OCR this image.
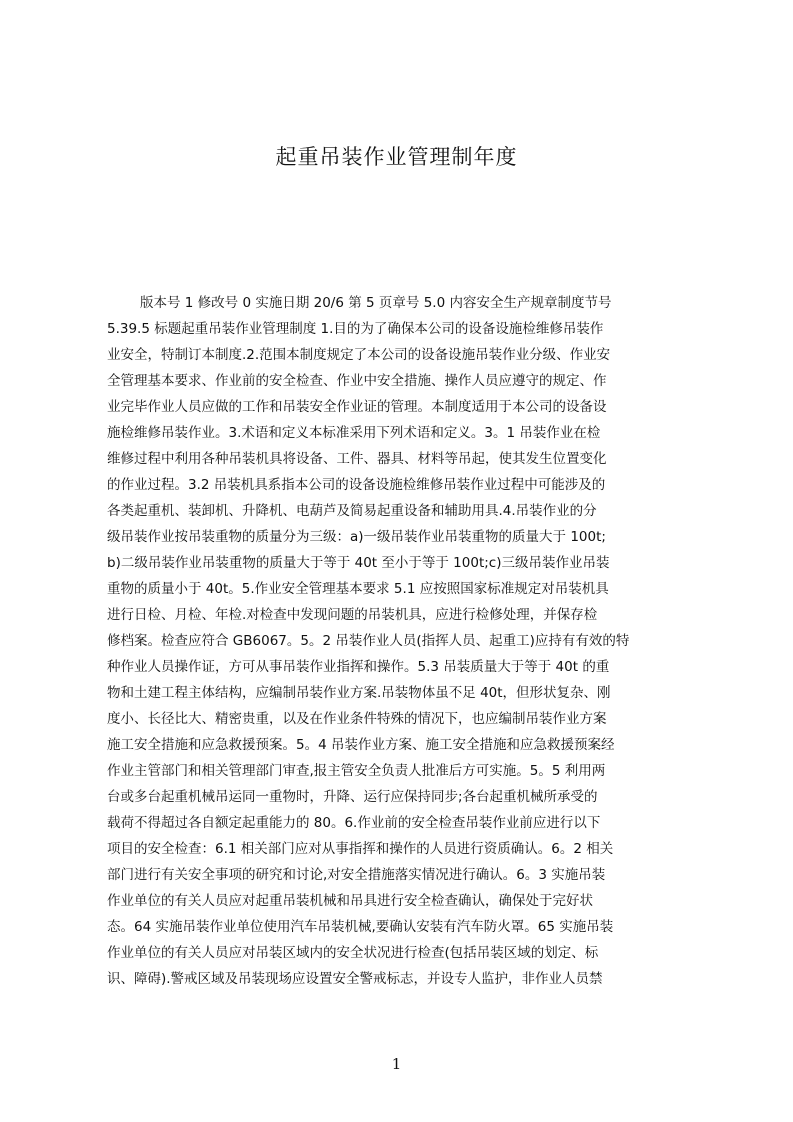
起重吊装作业管理制年度
版本号 1 修改号 0 实施日期 20/6 第 5 页章号 5.0 内容安全生产规章制度节号
5.39.5 标题起重吊装作业管理制度 1.目的为了确保本公司的设备设施检维修吊装作
业安全，特制订本制度.2.范围本制度规定了本公司的设备设施吊装作业分级、作业安
全管理基本要求、作业前的安全检查、作业中安全措施、操作人员应遵守的规定、作
业完毕作业人员应做的工作和吊装安全作业证的管理。本制度适用于本公司的设备设
施检维修吊装作业。3.术语和定义本标准采用下列术语和定义。3。1 吊装作业在检
维修过程中利用各种吊装机具将设备、工件、器具、材料等吊起，使其发生位置变化
的作业过程。3.2 吊装机具系指本公司的设备设施检维修吊装作业过程中可能涉及的
各类起重机、装卸机、升降机、电葫芦及简易起重设备和辅助用具.4.吊装作业的分
级吊装作业按吊装重物的质量分为三级：a)一级吊装作业吊装重物的质量大于 100t;
b)二级吊装作业吊装重物的质量大于等于 40t 至小于等于 100t;c)三级吊装作业吊装
重物的质量小于 40t。5.作业安全管理基本要求 5.1 应按照国家标准规定对吊装机具
进行日检、月检、年检.对检查中发现问题的吊装机具，应进行检修处理，并保存检
修档案。检查应符合 GB6067。5。2 吊装作业人员(指挥人员、起重工)应持有有效的特
种作业人员操作证，方可从事吊装作业指挥和操作。5.3 吊装质量大于等于 40t 的重
物和土建工程主体结构，应编制吊装作业方案.吊装物体虽不足 40t，但形状复杂、刚
度小、长径比大、精密贵重，以及在作业条件特殊的情况下，也应编制吊装作业方案
施工安全措施和应急救援预案。5。4 吊装作业方案、施工安全措施和应急救援预案经
作业主管部门和相关管理部门审查,报主管安全负责人批准后方可实施。5。5 利用两
台或多台起重机械吊运同一重物时，升降、运行应保持同步;各台起重机械所承受的
载荷不得超过各自额定起重能力的 80。6.作业前的安全检查吊装作业前应进行以下
项目的安全检查：6.1 相关部门应对从事指挥和操作的人员进行资质确认。6。2 相关
部门进行有关安全事项的研究和讨论,对安全措施落实情况进行确认。6。3 实施吊装
作业单位的有关人员应对起重吊装机械和吊具进行安全检查确认，确保处于完好状
态。64 实施吊装作业单位使用汽车吊装机械,要确认安装有汽车防火罩。65 实施吊装
作业单位的有关人员应对吊装区域内的安全状况进行检查(包括吊装区域的划定、标
识、障碍).警戒区域及吊装现场应设置安全警戒标志，并设专人监护，非作业人员禁
1
